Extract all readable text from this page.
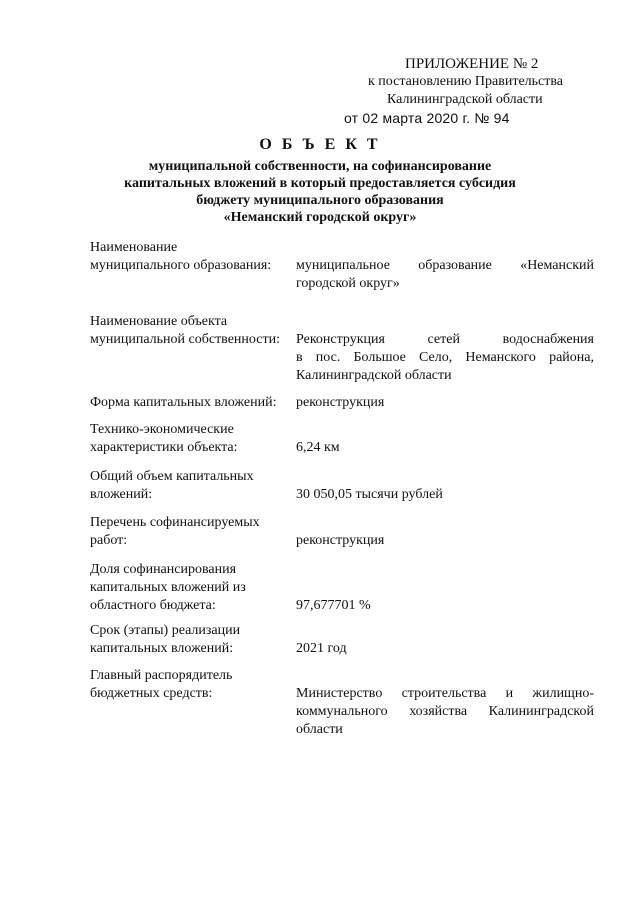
ПРИЛОЖЕНИЕ № 2
к постановлению Правительства
Калининградской области
от 02 марта 2020 г. № 94
О Б Ъ Е К Т
муниципальной собственности, на софинансирование
капитальных вложений в который предоставляется субсидия
бюджету муниципального образования
«Неманский городской округ»
Наименование
муниципального образования:	муниципальное образование «Неманский
городской округ»
Наименование объекта
муниципальной собственности:	Реконструкция сетей водоснабжения
в пос. Большое Село, Неманского района,
Калининградской области
Форма капитальных вложений:	реконструкция
Технико-экономические
характеристики объекта:	6,24 км
Общий объем капитальных
вложений:	30 050,05 тысячи рублей
Перечень софинансируемых
работ:	реконструкция
Доля софинансирования
капитальных вложений из
областного бюджета:	97,677701 %
Срок (этапы) реализации
капитальных вложений:	2021 год
Главный распорядитель
бюджетных средств:	Министерство строительства и жилищно-
коммунального хозяйства Калининградской
области
